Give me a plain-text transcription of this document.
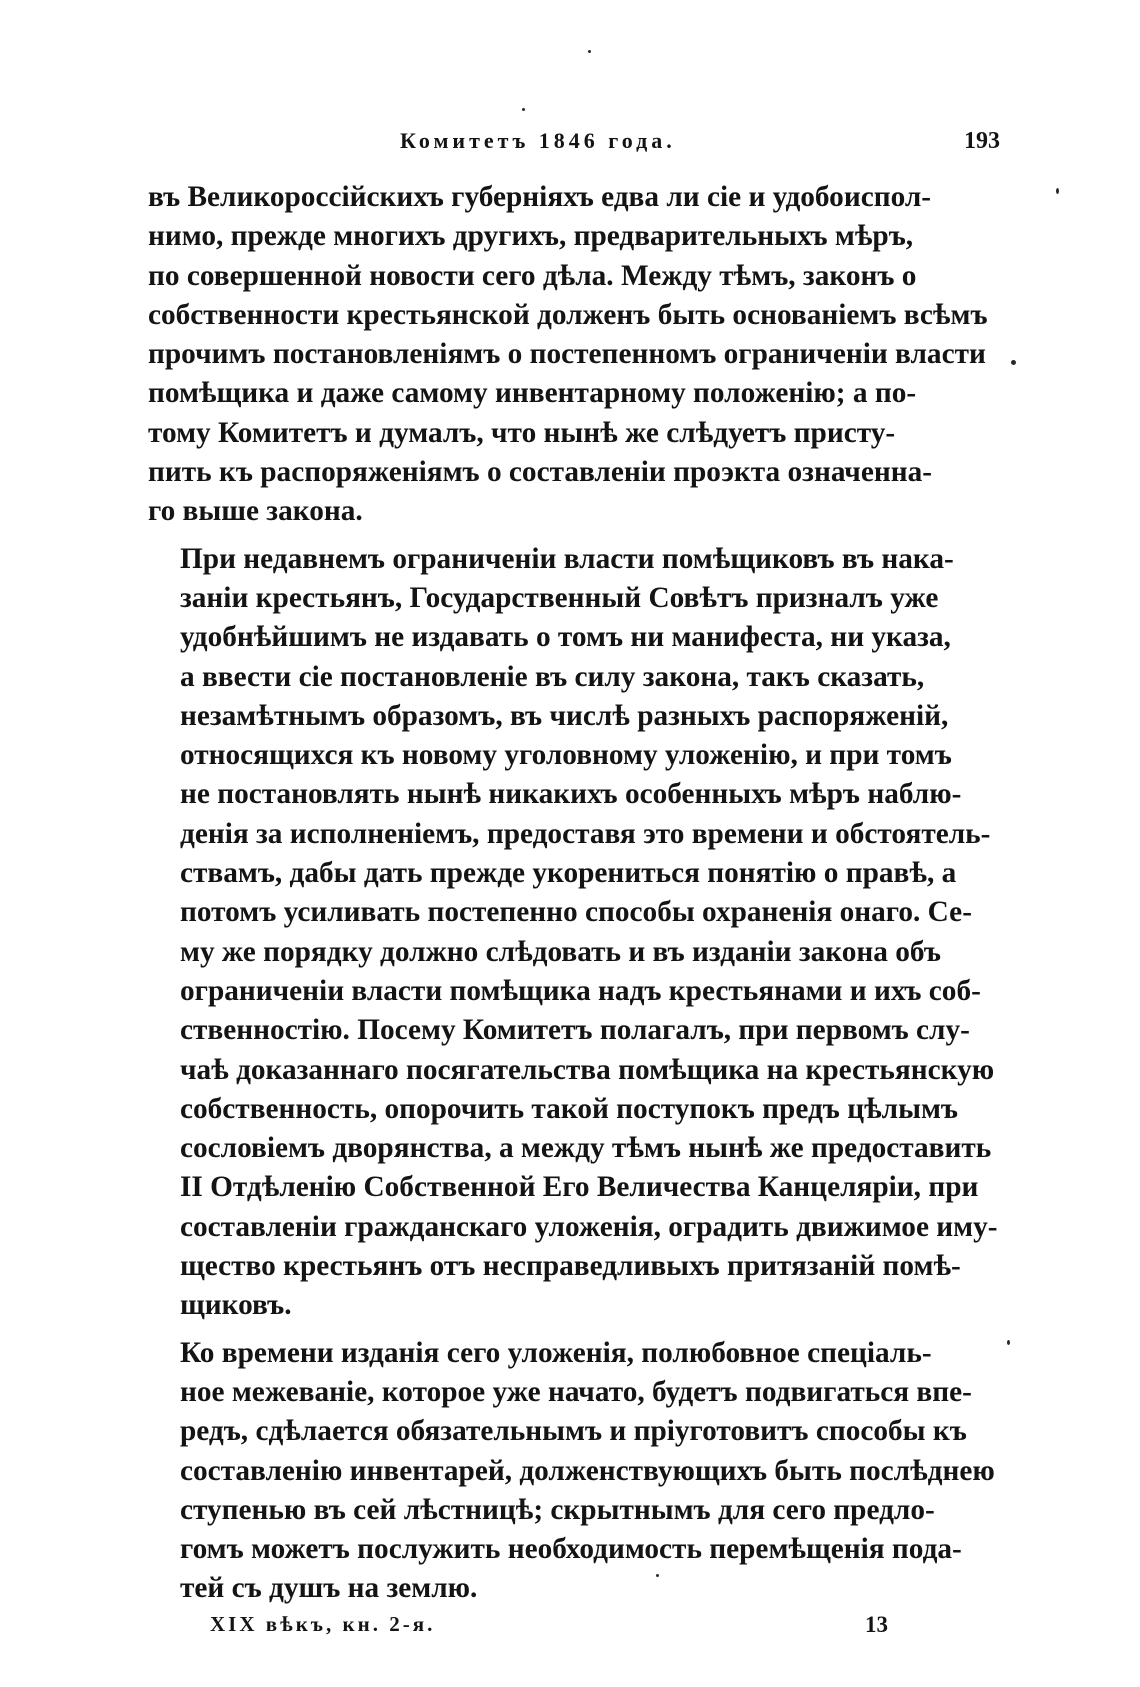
Комитетъ 1846 года.	193
въ Великороссійскихъ губерніяхъ едва ли сіе и удобоиспол-
нимо, прежде многихъ другихъ, предварительныхъ мѣръ,
по совершенной новости сего дѣла. Между тѣмъ, законъ о
собственности крестьянской долженъ быть основаніемъ всѣмъ
прочимъ постановленіямъ о постепенномъ ограниченіи власти
помѣщика и даже самому инвентарному положенію; а по-
тому Комитетъ и думалъ, что нынѣ же слѣдуетъ присту-
пить къ распоряженіямъ о составленіи проэкта означенна-
го выше закона.
При недавнемъ ограниченіи власти помѣщиковъ въ нака-
заніи крестьянъ, Государственный Совѣтъ призналъ уже
удобнѣйшимъ не издавать о томъ ни манифеста, ни указа,
а ввести сіе постановленіе въ силу закона, такъ сказать,
незамѣтнымъ образомъ, въ числѣ разныхъ распоряженій,
относящихся къ новому уголовному уложенію, и при томъ
не постановлять нынѣ никакихъ особенныхъ мѣръ наблю-
денія за исполненіемъ, предоставя это времени и обстоятель-
ствамъ, дабы дать прежде укорениться понятію о правѣ, а
потомъ усиливать постепенно способы охраненія онаго. Се-
му же порядку должно слѣдовать и въ изданіи закона объ
ограниченіи власти помѣщика надъ крестьянами и ихъ соб-
ственностію. Посему Комитетъ полагалъ, при первомъ слу-
чаѣ доказаннаго посягательства помѣщика на крестьянскую
собственность, опорочить такой поступокъ предъ цѣлымъ
сословіемъ дворянства, а между тѣмъ нынѣ же предоставить
II Отдѣленію Собственной Его Величества Канцеляріи, при
составленіи гражданскаго уложенія, оградить движимое иму-
щество крестьянъ отъ несправедливыхъ притязаній помѣ-
щиковъ.
Ко времени изданія сего уложенія, полюбовное спеціаль-
ное межеваніе, которое уже начато, будетъ подвигаться впе-
редъ, сдѣлается обязательнымъ и пріуготовитъ способы къ
составленію инвентарей, долженствующихъ быть послѣднею
ступенью въ сей лѣстницѣ; скрытнымъ для сего предло-
гомъ можетъ послужить необходимость перемѣщенія пода-
тей съ душъ на землю.
XIX вѣкъ, кн. 2-я.	13
